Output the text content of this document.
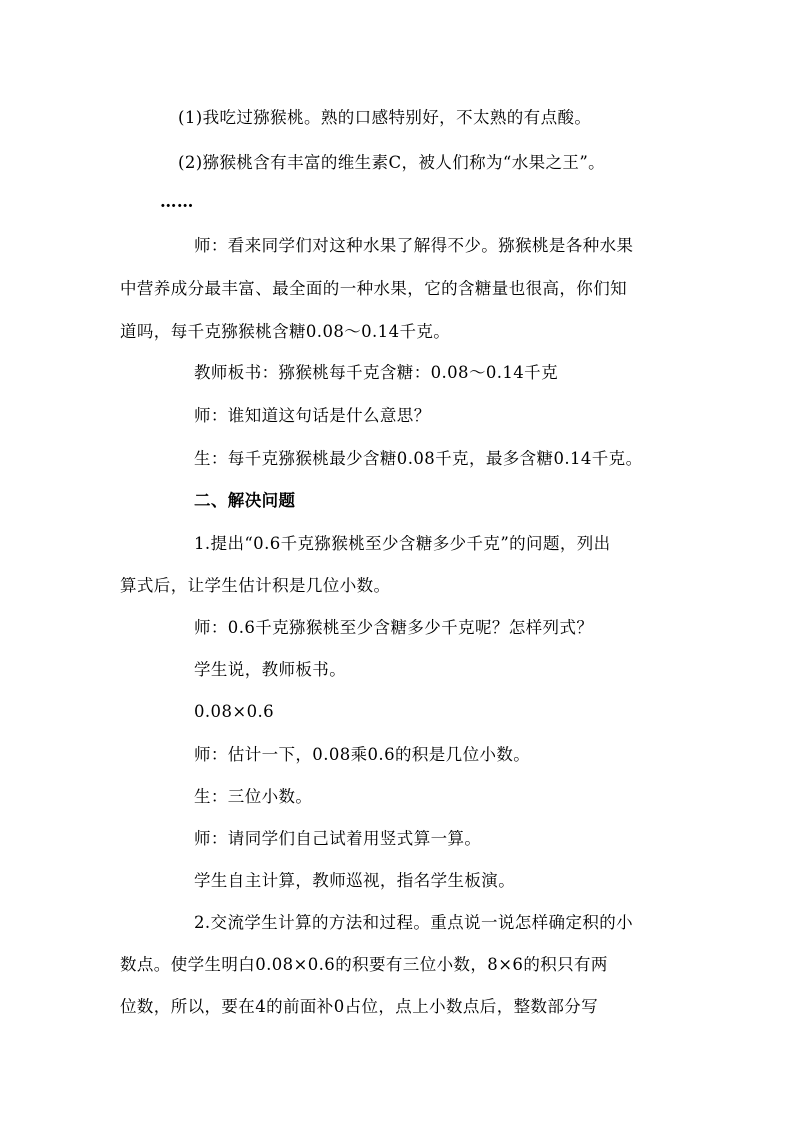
(1)我吃过猕猴桃。熟的口感特别好，不太熟的有点酸。
(2)猕猴桃含有丰富的维生素C，被人们称为“水果之王”。
……
师：看来同学们对这种水果了解得不少。猕猴桃是各种水果
中营养成分最丰富、最全面的一种水果，它的含糖量也很高，你们知
道吗，每千克猕猴桃含糖0.08～0.14千克。
教师板书：猕猴桃每千克含糖：0.08～0.14千克
师：谁知道这句话是什么意思？
生：每千克猕猴桃最少含糖0.08千克，最多含糖0.14千克。
二、解决问题
1.提出“0.6千克猕猴桃至少含糖多少千克”的问题，列出
算式后，让学生估计积是几位小数。
师：0.6千克猕猴桃至少含糖多少千克呢？怎样列式？
学生说，教师板书。
0.08×0.6
师：估计一下，0.08乘0.6的积是几位小数。
生：三位小数。
师：请同学们自己试着用竖式算一算。
学生自主计算，教师巡视，指名学生板演。
2.交流学生计算的方法和过程。重点说一说怎样确定积的小
数点。使学生明白0.08×0.6的积要有三位小数，8×6的积只有两
位数，所以，要在4的前面补0占位，点上小数点后，整数部分写
